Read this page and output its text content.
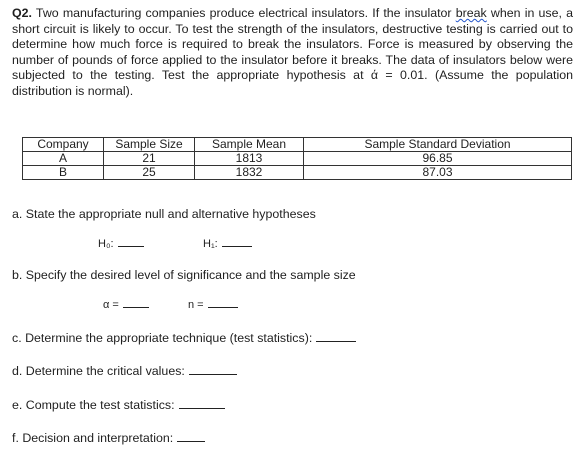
Q2. Two manufacturing companies produce electrical insulators. If the insulator break when in use, a short circuit is likely to occur. To test the strength of the insulators, destructive testing is carried out to determine how much force is required to break the insulators. Force is measured by observing the number of pounds of force applied to the insulator before it breaks. The data of insulators below were subjected to the testing. Test the appropriate hypothesis at ά = 0.01. (Assume the population distribution is normal).
Company	Sample Size	Sample Mean	Sample Standard Deviation
A	21	1813	96.85
B	25	1832	87.03
a. State the appropriate null and alternative hypotheses
H₀:	H₁:
b. Specify the desired level of significance and the sample size
α =	n =
c. Determine the appropriate technique (test statistics):
d. Determine the critical values:
e. Compute the test statistics:
f. Decision and interpretation:
